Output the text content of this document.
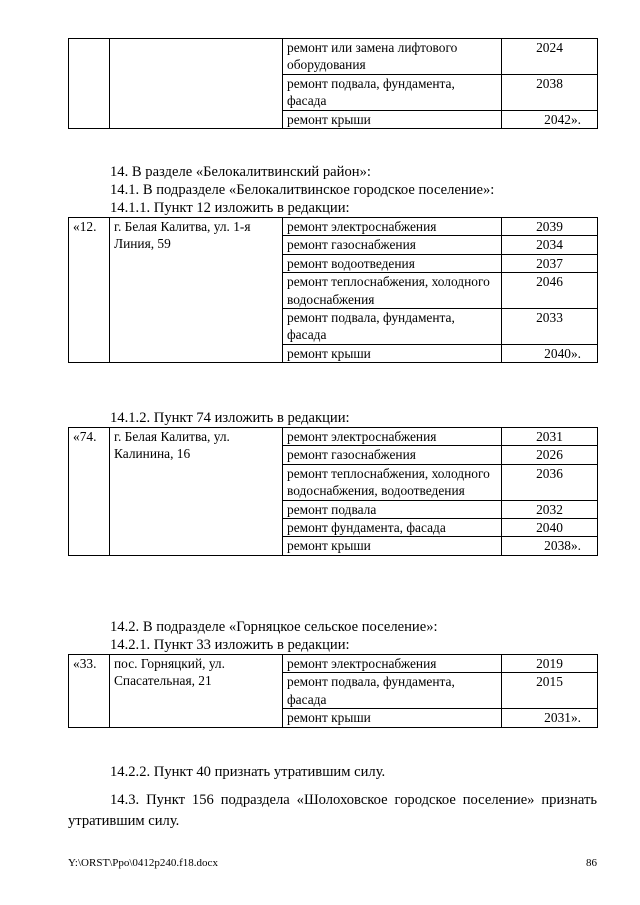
		ремонт или замена лифтового оборудования	2024
		ремонт подвала, фундамента, фасада	2038
		ремонт крыши	2042».

14. В разделе «Белокалитвинский район»:

14.1. В подразделе «Белокалитвинское городское поселение»:

14.1.1. Пункт 12 изложить в редакции:

«12.	г. Белая Калитва, ул. 1-я Линия, 59	ремонт электроснабжения	2039
		ремонт газоснабжения	2034
		ремонт водоотведения	2037
		ремонт теплоснабжения, холодного водоснабжения	2046
		ремонт подвала, фундамента, фасада	2033
		ремонт крыши	2040».

14.1.2. Пункт 74 изложить в редакции:

«74.	г. Белая Калитва, ул. Калинина, 16	ремонт электроснабжения	2031
		ремонт газоснабжения	2026
		ремонт теплоснабжения, холодного водоснабжения, водоотведения	2036
		ремонт подвала	2032
		ремонт фундамента, фасада	2040
		ремонт крыши	2038».

14.2. В подразделе «Горняцкое сельское поселение»:

14.2.1. Пункт 33 изложить в редакции:

«33.	пос. Горняцкий, ул. Спасательная, 21	ремонт электроснабжения	2019
		ремонт подвала, фундамента, фасада	2015
		ремонт крыши	2031».

14.2.2. Пункт 40 признать утратившим силу.

14.3. Пункт 156 подраздела «Шолоховское городское поселение» признать утратившим силу.

Y:\ORST\Ppo\0412p240.f18.docx	86
